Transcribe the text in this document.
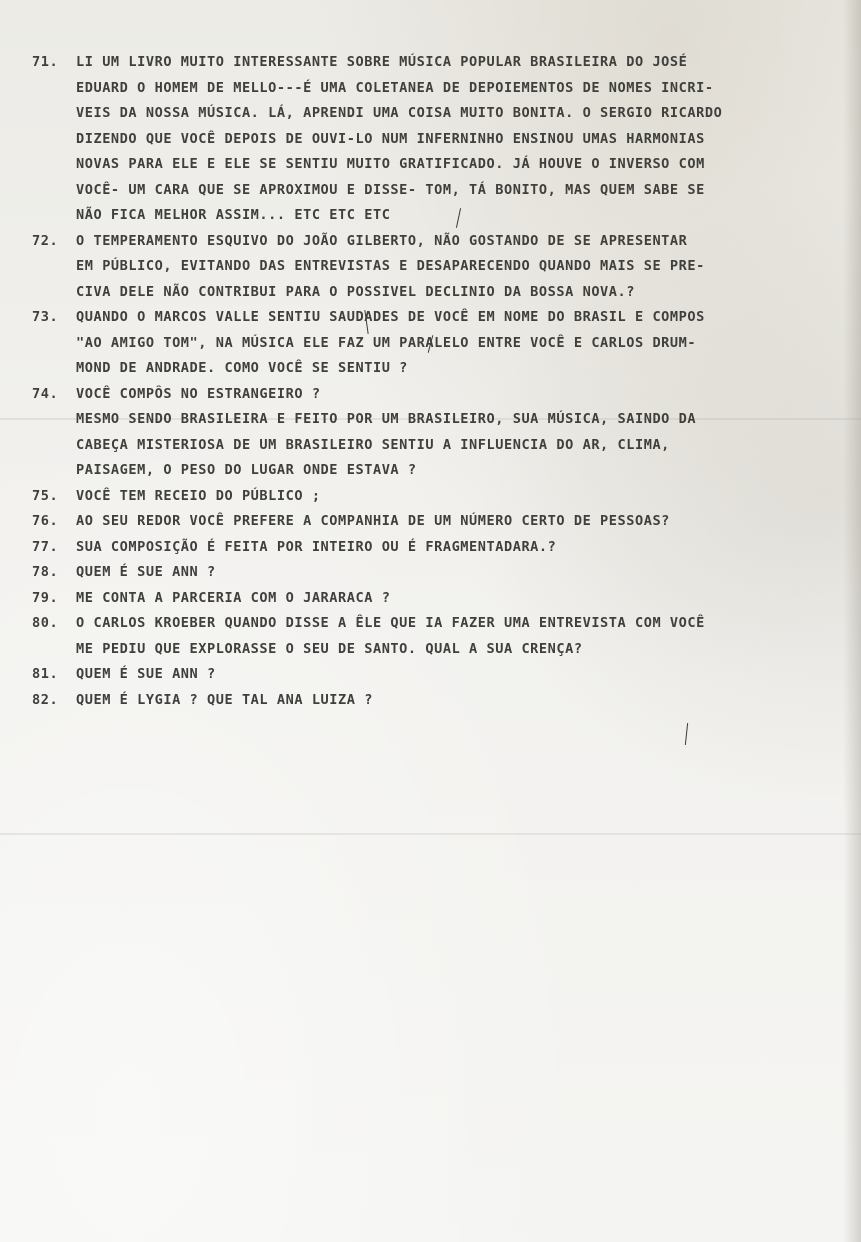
71.	LI UM LIVRO MUITO INTERESSANTE SOBRE MÚSICA POPULAR BRASILEIRA DO JOSÉ
EDUARD O HOMEM DE MELLO---É UMA COLETANEA DE DEPOIEMENTOS DE NOMES INCRI-
VEIS DA NOSSA MÚSICA. LÁ, APRENDI UMA COISA MUITO BONITA. O SERGIO RICARDO
DIZENDO QUE VOCÊ DEPOIS DE OUVI-LO NUM INFERNINHO ENSINOU UMAS HARMONIAS
NOVAS PARA ELE E ELE SE SENTIU MUITO GRATIFICADO. JÁ HOUVE O INVERSO COM
VOCÊ- UM CARA QUE SE APROXIMOU E DISSE- TOM, TÁ BONITO, MAS QUEM SABE SE
NÃO FICA MELHOR ASSIM... ETC ETC ETC
72.	O TEMPERAMENTO ESQUIVO DO JOÃO GILBERTO, NÃO GOSTANDO DE SE APRESENTAR
EM PÚBLICO, EVITANDO DAS ENTREVISTAS E DESAPARECENDO QUANDO MAIS SE PRE-
CIVA DELE NÃO CONTRIBUI PARA O POSSIVEL DECLINIO DA BOSSA NOVA.?
73.	QUANDO O MARCOS VALLE SENTIU SAUDADES DE VOCÊ EM NOME DO BRASIL E COMPOS
"AO AMIGO TOM", NA MÚSICA ELE FAZ UM PARALELO ENTRE VOCÊ E CARLOS DRUM-
MOND DE ANDRADE. COMO VOCÊ SE SENTIU ?
74.	VOCÊ COMPÔS NO ESTRANGEIRO ?
MESMO SENDO BRASILEIRA E FEITO POR UM BRASILEIRO, SUA MÚSICA, SAINDO DA
CABEÇA MISTERIOSA DE UM BRASILEIRO SENTIU A INFLUENCIA DO AR, CLIMA,
PAISAGEM, O PESO DO LUGAR ONDE ESTAVA ?
75.	VOCÊ TEM RECEIO DO PÚBLICO ;
76.	AO SEU REDOR VOCÊ PREFERE A COMPANHIA DE UM NÚMERO CERTO DE PESSOAS?
77.	SUA COMPOSIÇÃO É FEITA POR INTEIRO OU É FRAGMENTADARA.?
78.	QUEM É SUE ANN ?
79.	ME CONTA A PARCERIA COM O JARARACA ?
80.	O CARLOS KROEBER QUANDO DISSE A ÊLE QUE IA FAZER UMA ENTREVISTA COM VOCÊ
ME PEDIU QUE EXPLORASSE O SEU DE SANTO. QUAL A SUA CRENÇA?
81.	QUEM É SUE ANN ?
82.	QUEM É LYGIA ? QUE TAL ANA LUIZA ?
